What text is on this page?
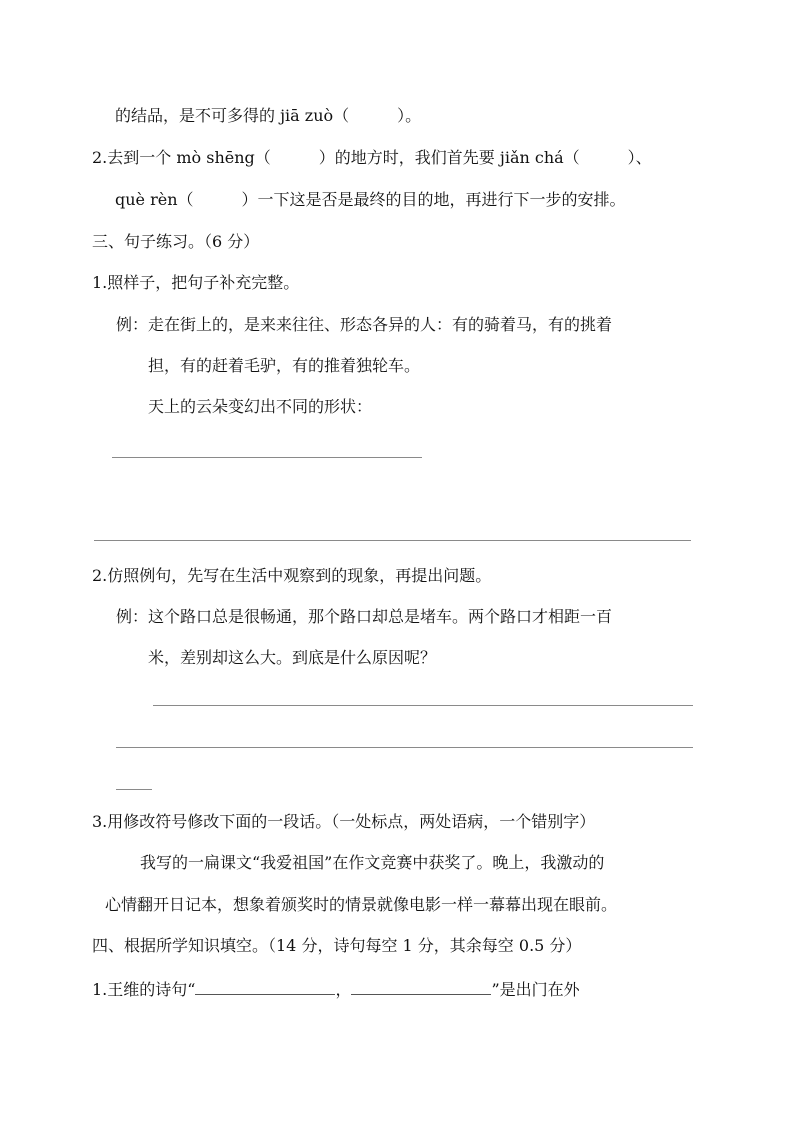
的结品，是不可多得的 jiā zuò（　　　）。
2.去到一个 mò shēng（　　　）的地方时，我们首先要 jiǎn chá（　　　）、
què rèn（　　　）一下这是否是最终的目的地，再进行下一步的安排。
三、句子练习。（6 分）
1.照样子，把句子补充完整。
例：走在街上的，是来来往往、形态各异的人：有的骑着马，有的挑着
担，有的赶着毛驴，有的推着独轮车。
天上的云朵变幻出不同的形状：
2.仿照例句，先写在生活中观察到的现象，再提出问题。
例：这个路口总是很畅通，那个路口却总是堵车。两个路口才相距一百
米，差别却这么大。到底是什么原因呢？
3.用修改符号修改下面的一段话。（一处标点，两处语病，一个错别字）
我写的一扁课文“我爱祖国”在作文竞赛中获奖了。晚上，我激动的
心情翻开日记本，想象着颁奖时的情景就像电影一样一幕幕出现在眼前。
四、根据所学知识填空。（14 分，诗句每空 1 分，其余每空 0.5 分）
1.王维的诗句“	，	”是出门在外
